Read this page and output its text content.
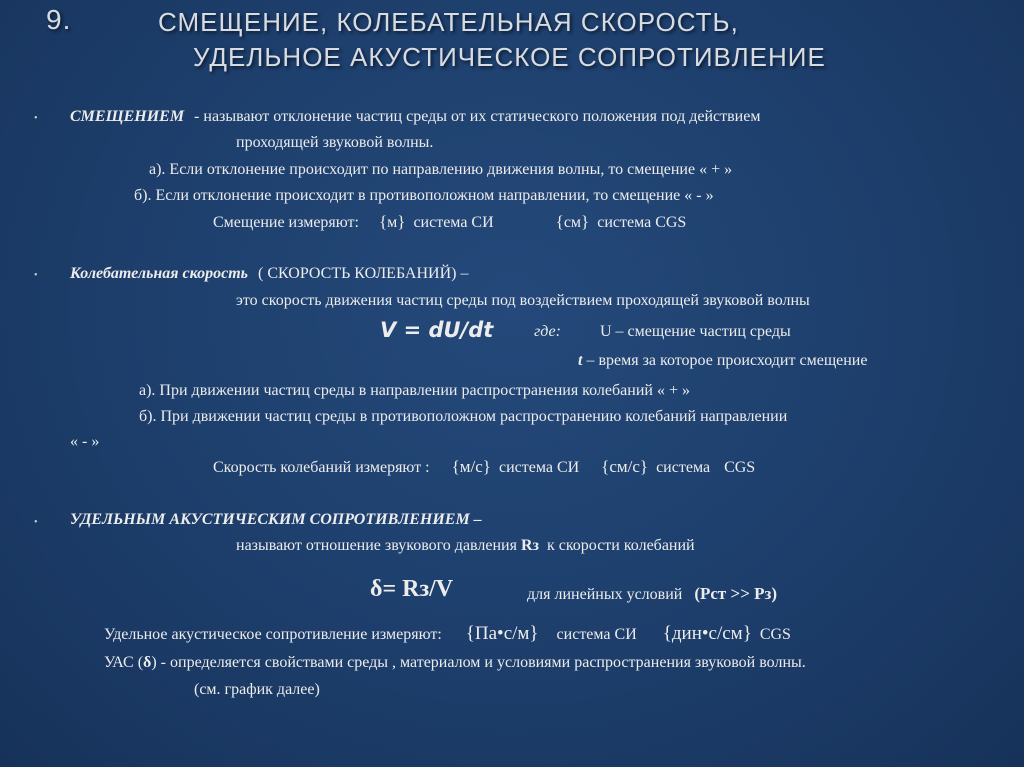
9.	СМЕЩЕНИЕ, КОЛЕБАТЕЛЬНАЯ СКОРОСТЬ,
УДЕЛЬНОЕ АКУСТИЧЕСКОЕ СОПРОТИВЛЕНИЕ
• СМЕЩЕНИЕМ - называют отклонение частиц среды от их статического положения под действием
проходящей звуковой волны.
а). Если отклонение происходит по направлению движения волны, то смещение « + »
б). Если отклонение происходит в противоположном направлении, то смещение « - »
Смещение измеряют: {м} система СИ	{см} система CGS
• Колебательная скорость ( СКОРОСТЬ КОЛЕБАНИЙ) –
это скорость движения частиц среды под воздействием проходящей звуковой волны
V = dU/dt	где: U – смещение частиц среды
t – время за которое происходит смещение
а). При движении частиц среды в направлении распространения колебаний « + »
б). При движении частиц среды в противоположном распространению колебаний направлении
« - »
Скорость колебаний измеряют : {м/с} система СИ {см/с} система CGS
• УДЕЛЬНЫМ АКУСТИЧЕСКИМ СОПРОТИВЛЕНИЕМ –
называют отношение звукового давления Rз к скорости колебаний
δ= Rз/V	для линейных условий (Рст >> Рз)
Удельное акустическое сопротивление измеряют: {Па•с/м} система СИ {дин•с/см} CGS
УАС (δ) - определяется свойствами среды , материалом и условиями распространения звуковой волны.
(см. график далее)
